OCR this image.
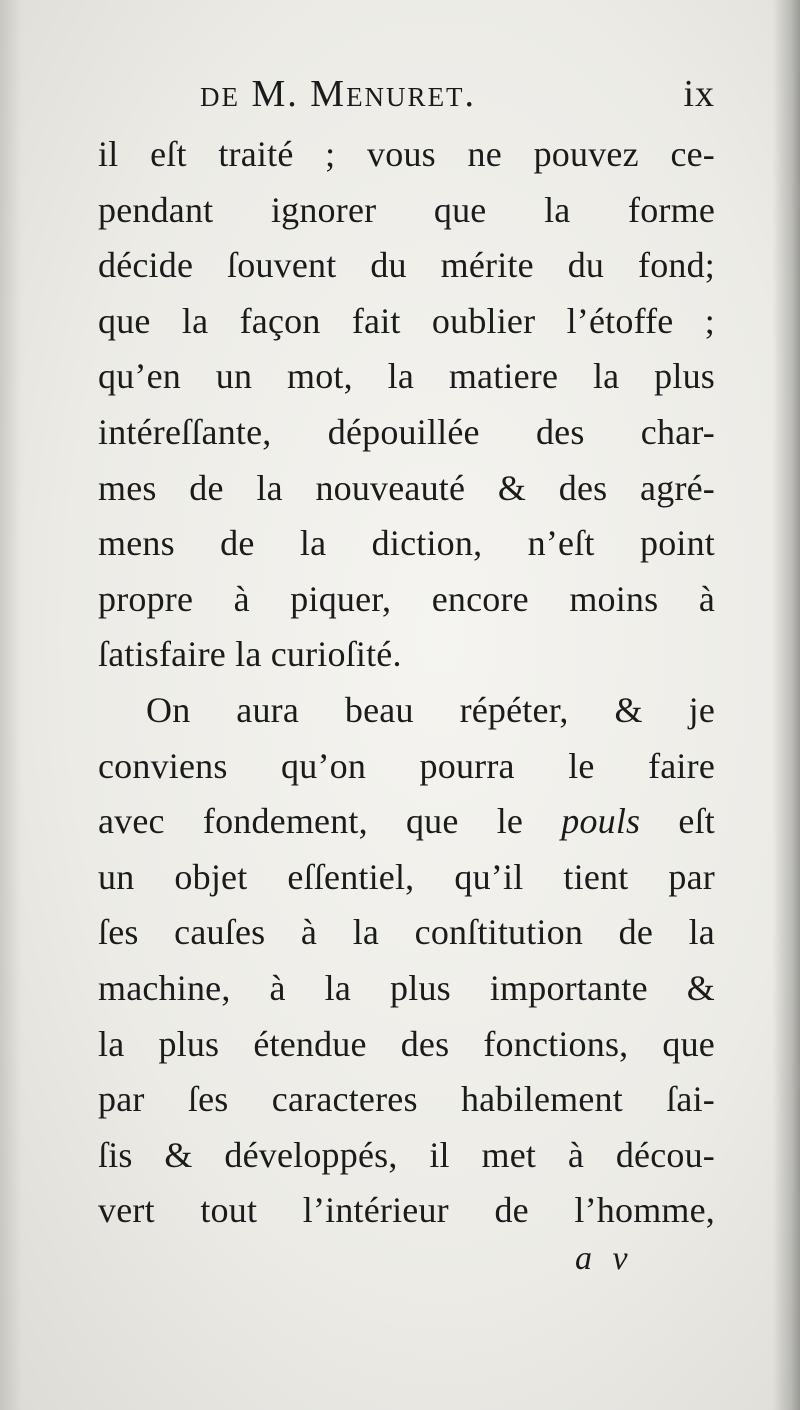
de M. Menuret.	ix
il eſt traité ; vous ne pouvez ce-
pendant ignorer que la forme
décide ſouvent du mérite du fond;
que la façon fait oublier l’étoffe ;
qu’en un mot, la matiere la plus
intéreſſante, dépouillée des char-
mes de la nouveauté & des agré-
mens de la diction, n’eſt point
propre à piquer, encore moins à
ſatisfaire la curioſité.
On aura beau répéter, & je
conviens qu’on pourra le faire
avec fondement, que le pouls eſt
un objet eſſentiel, qu’il tient par
ſes cauſes à la conſtitution de la
machine, à la plus importante &
la plus étendue des fonctions, que
par ſes caracteres habilement ſai-
ſis & développés, il met à décou-
vert tout l’intérieur de l’homme,
a v
